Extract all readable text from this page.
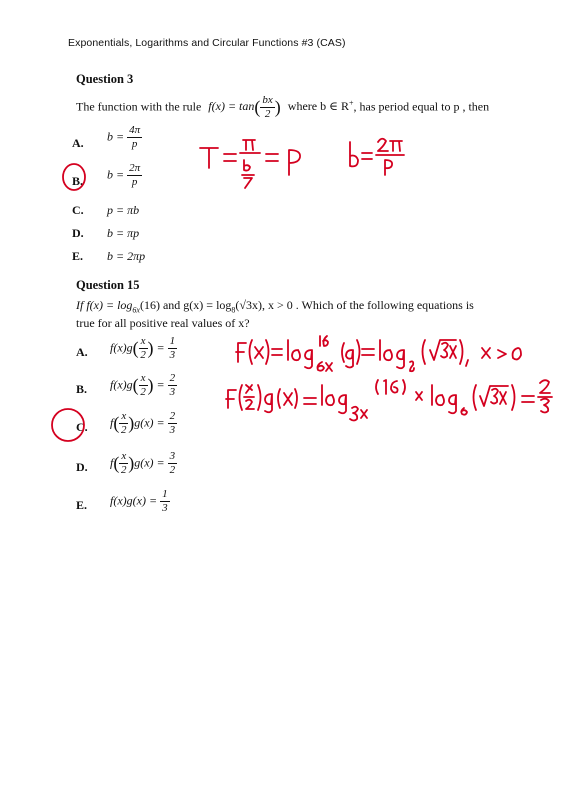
Exponentials, Logarithms and Circular Functions #3 (CAS)
Question 3
The function with the rule $f(x) = \tan( \frac{bx}{2}$ ) where b ∈ R+, has period equal to p , then
A. $b = \frac{4\pi}{p}$
B. $b = \frac{2\pi}{p}$
C. p = πb
D. b = πp
E. b = 2πp
Question 15
If $f(x) = \log_{6x}(16)$ and $g(x) = \log_8(√3x)$, x > 0 . Which of the following equations is
true for all positive real values of x?
A. $f(x)g( \frac{x}{2}$ ) = $\frac{1}{3}$
B. $f(x)g( \frac{x}{2}$ ) = $\frac{2}{3}$
C. $f( \frac{x}{2} )g(x) = \frac{2}{3}$
D. $f( \frac{x}{2} )g(x) = \frac{3}{2}$
E. $f(x)g(x) = \frac{1}{3}$
